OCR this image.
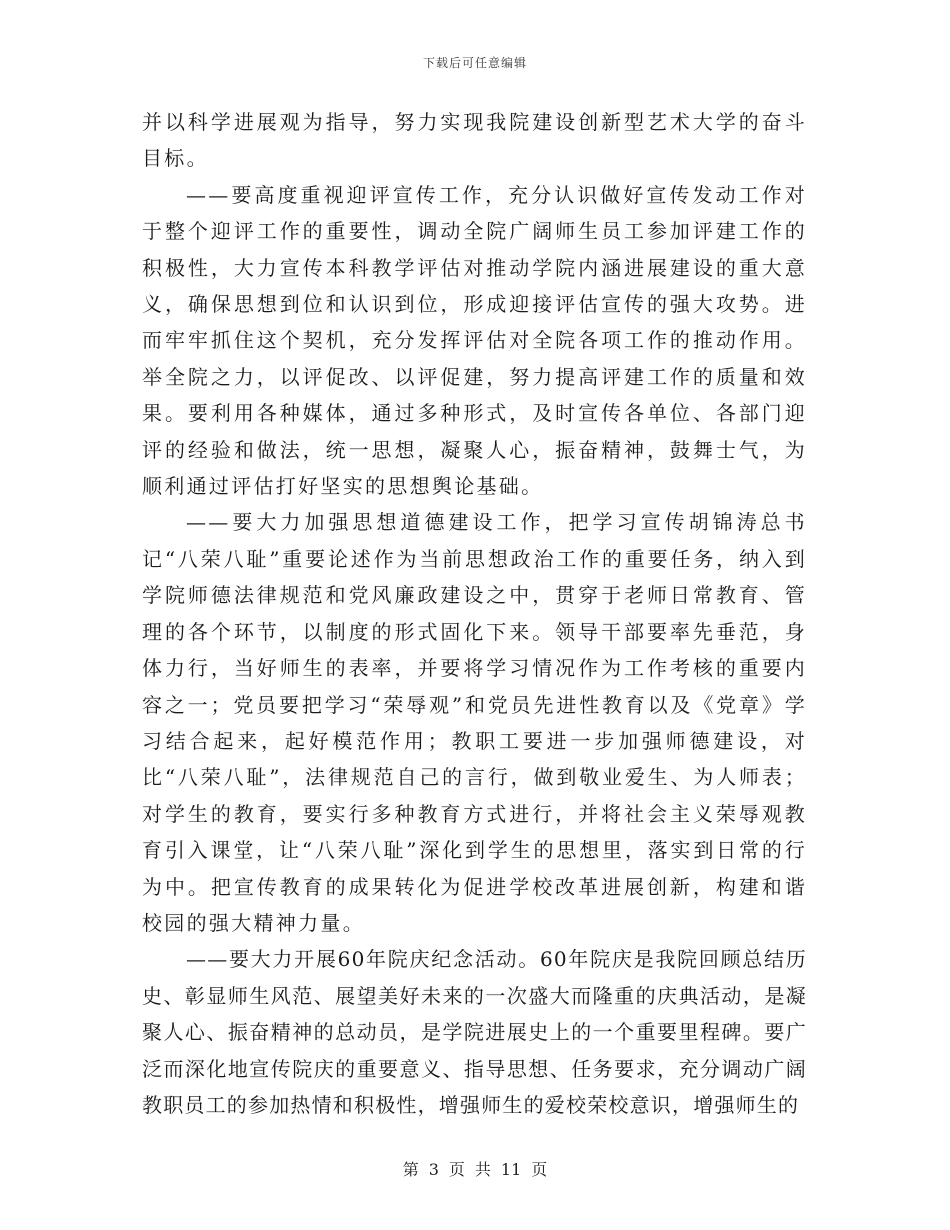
下载后可任意编辑

并以科学进展观为指导，努力实现我院建设创新型艺术大学的奋斗目标。

——要高度重视迎评宣传工作，充分认识做好宣传发动工作对于整个迎评工作的重要性，调动全院广阔师生员工参加评建工作的积极性，大力宣传本科教学评估对推动学院内涵进展建设的重大意义，确保思想到位和认识到位，形成迎接评估宣传的强大攻势。进而牢牢抓住这个契机，充分发挥评估对全院各项工作的推动作用。举全院之力，以评促改、以评促建，努力提高评建工作的质量和效果。要利用各种媒体，通过多种形式，及时宣传各单位、各部门迎评的经验和做法，统一思想，凝聚人心，振奋精神，鼓舞士气，为顺利通过评估打好坚实的思想舆论基础。

——要大力加强思想道德建设工作，把学习宣传胡锦涛总书记“八荣八耻”重要论述作为当前思想政治工作的重要任务，纳入到学院师德法律规范和党风廉政建设之中，贯穿于老师日常教育、管理的各个环节，以制度的形式固化下来。领导干部要率先垂范，身体力行，当好师生的表率，并要将学习情况作为工作考核的重要内容之一；党员要把学习“荣辱观”和党员先进性教育以及《党章》学习结合起来，起好模范作用；教职工要进一步加强师德建设，对比“八荣八耻”，法律规范自己的言行，做到敬业爱生、为人师表；对学生的教育，要实行多种教育方式进行，并将社会主义荣辱观教育引入课堂，让“八荣八耻”深化到学生的思想里，落实到日常的行为中。把宣传教育的成果转化为促进学校改革进展创新，构建和谐校园的强大精神力量。

——要大力开展60年院庆纪念活动。60年院庆是我院回顾总结历史、彰显师生风范、展望美好未来的一次盛大而隆重的庆典活动，是凝聚人心、振奋精神的总动员，是学院进展史上的一个重要里程碑。要广泛而深化地宣传院庆的重要意义、指导思想、任务要求，充分调动广阔教职员工的参加热情和积极性，增强师生的爱校荣校意识，增强师生的

第 3 页 共 11 页
